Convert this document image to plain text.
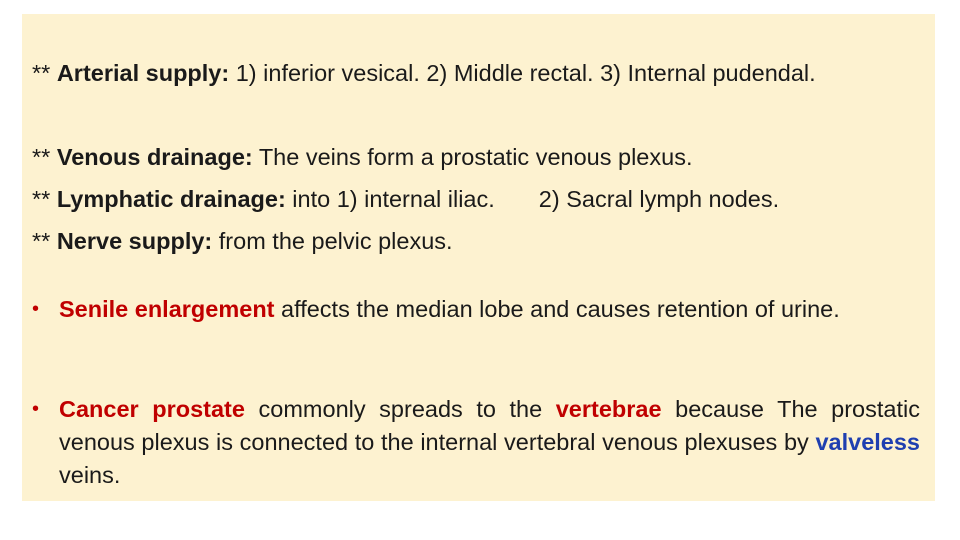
** Arterial supply: 1) inferior vesical. 2) Middle rectal. 3) Internal pudendal.

** Venous drainage: The veins form a prostatic venous plexus.

** Lymphatic drainage: into 1) internal iliac. 2) Sacral lymph nodes.

** Nerve supply: from the pelvic plexus.

• Senile enlargement affects the median lobe and causes retention of urine.
• Cancer prostate commonly spreads to the vertebrae because The prostatic venous plexus is connected to the internal vertebral venous plexuses by valveless veins.
